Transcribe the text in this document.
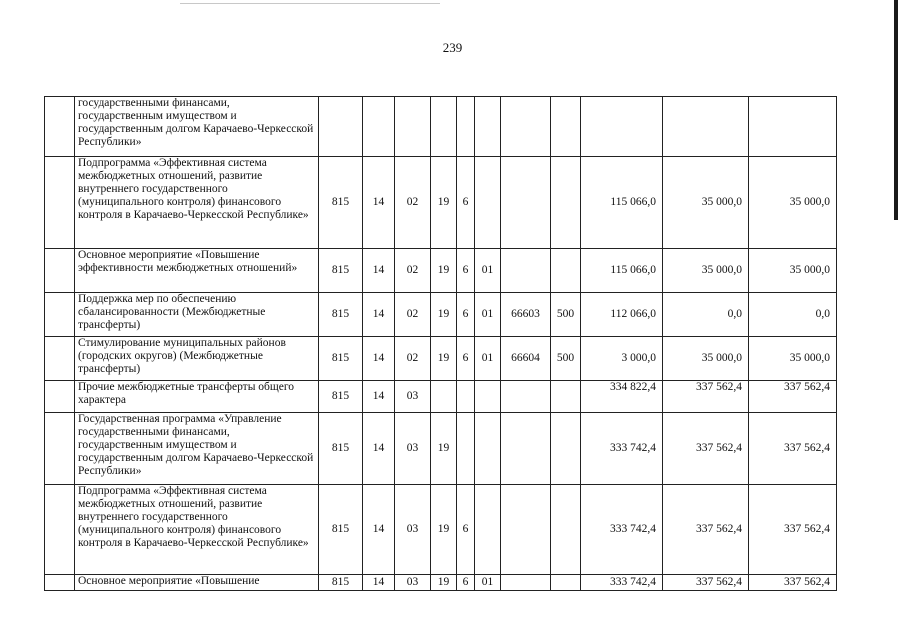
239
	государственными финансами, государственным имуществом и государственным долгом Карачаево-Черкесской Республики»											
	Подпрограмма «Эффективная система межбюджетных отношений, развитие внутреннего государственного (муниципального контроля) финансового контроля в Карачаево-Черкесской Республике»	815	14	02	19	6				115 066,0	35 000,0	35 000,0
	Основное мероприятие «Повышение эффективности межбюджетных отношений»	815	14	02	19	6	01			115 066,0	35 000,0	35 000,0
	Поддержка мер по обеспечению сбалансированности (Межбюджетные трансферты)	815	14	02	19	6	01	66603	500	112 066,0	0,0	0,0
	Стимулирование муниципальных районов (городских округов) (Межбюджетные трансферты)	815	14	02	19	6	01	66604	500	3 000,0	35 000,0	35 000,0
	Прочие межбюджетные трансферты общего характера	815	14	03						334 822,4	337 562,4	337 562,4
	Государственная программа «Управление государственными финансами, государственным имуществом и государственным долгом Карачаево-Черкесской Республики»	815	14	03	19					333 742,4	337 562,4	337 562,4
	Подпрограмма «Эффективная система межбюджетных отношений, развитие внутреннего государственного (муниципального контроля) финансового контроля в Карачаево-Черкесской Республике»	815	14	03	19	6				333 742,4	337 562,4	337 562,4
	Основное мероприятие «Повышение	815	14	03	19	6	01			333 742,4	337 562,4	337 562,4
